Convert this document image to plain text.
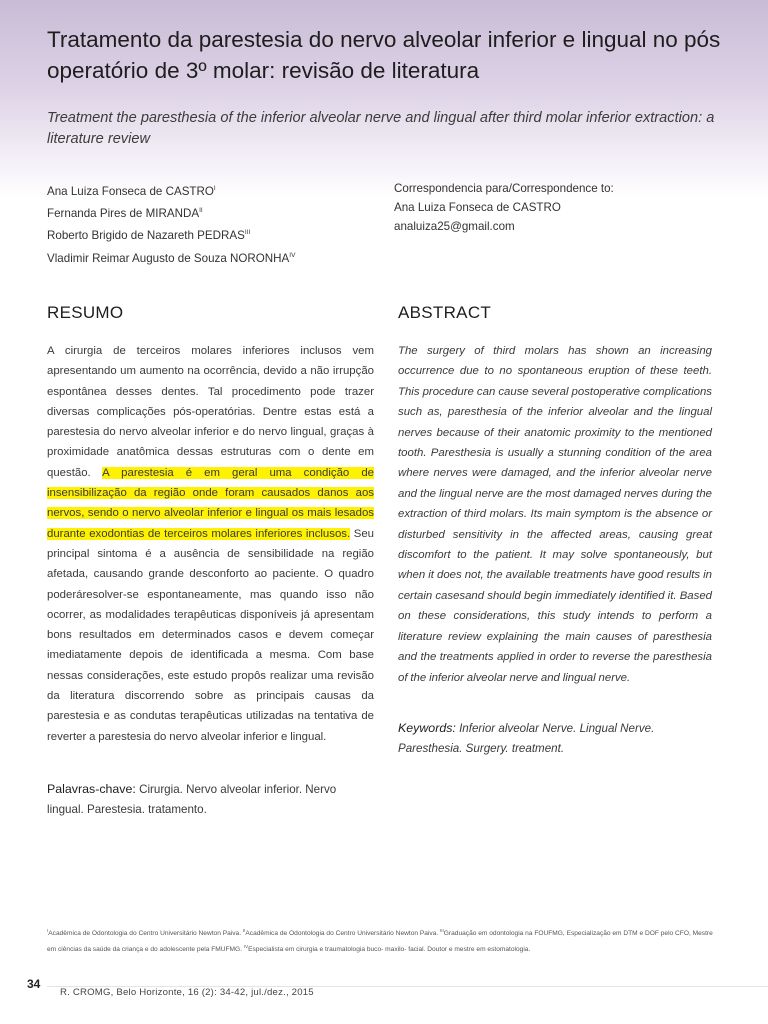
Tratamento da parestesia do nervo alveolar inferior e lingual no pós operatório de 3º molar: revisão de literatura

Treatment the paresthesia of the inferior alveolar nerve and lingual after third molar inferior extraction: a literature review

Ana Luiza Fonseca de $CASTRO^I$
Fernanda Pires de $MIRANDA^{II}$
Roberto Brigido de Nazareth $PEDRAS^{III}$
Vladimir Reimar Augusto de Souza $NORONHA^{IV}$
Correspondencia para/Correspondence to:
Ana Luiza Fonseca de CASTRO
analuiza25@gmail.com
RESUMO	ABSTRACT

A cirurgia de terceiros molares inferiores inclusos vem apresentando um aumento na ocorrência, devido a não irrupção espontânea desses dentes. Tal procedimento pode trazer diversas complicações pós-operatórias. Dentre estas está a parestesia do nervo alveolar inferior e do nervo lingual, graças à proximidade anatômica dessas estruturas com o dente em questão. A parestesia é em geral uma condição de insensibilização da região onde foram causados danos aos nervos, sendo o nervo alveolar inferior e lingual os mais lesados durante exodontias de terceiros molares inferiores inclusos. Seu principal sintoma é a ausência de sensibilidade na região afetada, causando grande desconforto ao paciente. O quadro poderáresolver-se espontaneamente, mas quando isso não ocorrer, as modalidades terapêuticas disponíveis já apresentam bons resultados em determinados casos e devem começar imediatamente depois de identificada a mesma. Com base nessas considerações, este estudo propôs realizar uma revisão da literatura discorrendo sobre as principais causas da parestesia e as condutas terapêuticas utilizadas na tentativa de reverter a parestesia do nervo alveolar inferior e lingual.

Palavras-chave: Cirurgia. Nervo alveolar inferior. Nervo lingual. Parestesia. tratamento.

The surgery of third molars has shown an increasing occurrence due to no spontaneous eruption of these teeth. This procedure can cause several postoperative complications such as, paresthesia of the inferior alveolar and the lingual nerves because of their anatomic proximity to the mentioned tooth. Paresthesia is usually a stunning condition of the area where nerves were damaged, and the inferior alveolar nerve and the lingual nerve are the most damaged nerves during the extraction of third molars. Its main symptom is the absence or disturbed sensitivity in the affected areas, causing great discomfort to the patient. It may solve spontaneously, but when it does not, the available treatments have good results in certain casesand should begin immediately identified it. Based on these considerations, this study intends to perform a literature review explaining the main causes of paresthesia and the treatments applied in order to reverse the paresthesia of the inferior alveolar nerve and lingual nerve.

Keywords: Inferior alveolar Nerve. Lingual Nerve. Paresthesia. Surgery. treatment.

$^I$Acadêmica de Odontologia do Centro Universitário Newton Paiva. $^{II}$Acadêmica de Odontologia do Centro Universitário Newton Paiva. $^{III}$Graduação em odontologia na FOUFMG, Especialização em DTM e DOF pelo CFO, Mestre em ciências da saúde da criança e do adolescente pela FMUFMG. $^{IV}$Especialista em cirurgia e traumatologia buco- maxilo- facial. Doutor e mestre em estomatologia.

34
R. CROMG, Belo Horizonte, 16 (2): 34-42, jul./dez., 2015
